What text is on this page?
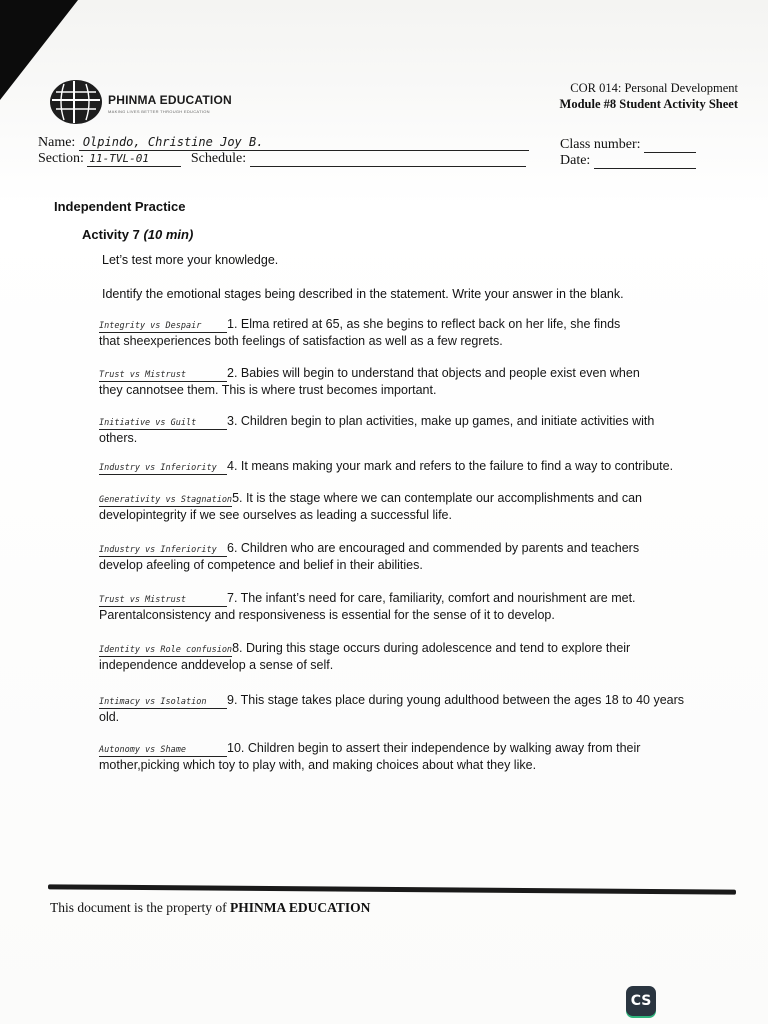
PHINMA EDUCATION
MAKING LIVES BETTER THROUGH EDUCATION
COR 014: Personal Development
Module #8 Student Activity Sheet
Name: Olpindo, Christine Joy B.
Section: 11-TVL-01	Schedule:
Class number:
Date:
Independent Practice
Activity 7 (10 min)
Let’s test more your knowledge.
Identify the emotional stages being described in the statement. Write your answer in the blank.
Integrity vs Despair 1. Elma retired at 65, as she begins to reflect back on her life, she finds
that sheexperiences both feelings of satisfaction as well as a few regrets.
Trust vs Mistrust	2. Babies will begin to understand that objects and people exist even when
they cannotsee them. This is where trust becomes important.
Initiative vs Guilt 3. Children begin to plan activities, make up games, and initiate activities with
others.
Industry vs Inferiority 4. It means making your mark and refers to the failure to find a way to contribute.
Generativity vs Stagnation5. It is the stage where we can contemplate our accomplishments and can
developintegrity if we see ourselves as leading a successful life.
Industry vs Inferiority 6. Children who are encouraged and commended by parents and teachers
develop afeeling of competence and belief in their abilities.
Trust vs Mistrust	7. The infant’s need for care, familiarity, comfort and nourishment are met.
Parentalconsistency and responsiveness is essential for the sense of it to develop.
Identity vs Role confusion8. During this stage occurs during adolescence and tend to explore their
independence anddevelop a sense of self.
Intimacy vs Isolation 9. This stage takes place during young adulthood between the ages 18 to 40 years
old.
Autonomy vs Shame	10. Children begin to assert their independence by walking away from their
mother,picking which toy to play with, and making choices about what they like.
This document is the property of PHINMA EDUCATION
CS
